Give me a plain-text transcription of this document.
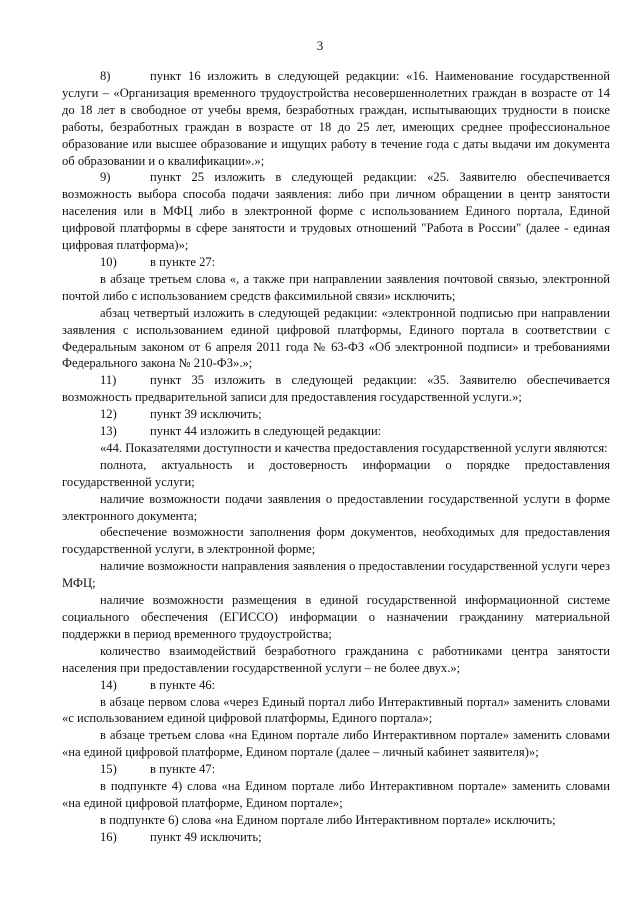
3

8)	пункт 16 изложить в следующей редакции: «16. Наименование государственной услуги – «Организация временного трудоустройства несовершеннолетних граждан в возрасте от 14 до 18 лет в свободное от учебы время, безработных граждан, испытывающих трудности в поиске работы, безработных граждан в возрасте от 18 до 25 лет, имеющих среднее профессиональное образование или высшее образование и ищущих работу в течение года с даты выдачи им документа об образовании и о квалификации».»;

9)	пункт 25 изложить в следующей редакции: «25. Заявителю обеспечивается возможность выбора способа подачи заявления: либо при личном обращении в центр занятости населения или в МФЦ либо в электронной форме с использованием Единого портала, Единой цифровой платформы в сфере занятости и трудовых отношений "Работа в России" (далее - единая цифровая платформа)»;

10)	в пункте 27:

в абзаце третьем слова «, а также при направлении заявления почтовой связью, электронной почтой либо с использованием средств факсимильной связи» исключить;

абзац четвертый изложить в следующей редакции: «электронной подписью при направлении заявления с использованием единой цифровой платформы, Единого портала в соответствии с Федеральным законом от 6 апреля 2011 года № 63-ФЗ «Об электронной подписи» и требованиями Федерального закона № 210-ФЗ».»;

11)	пункт 35 изложить в следующей редакции: «35. Заявителю обеспечивается возможность предварительной записи для предоставления государственной услуги.»;

12)	пункт 39 исключить;

13)	пункт 44 изложить в следующей редакции:

«44. Показателями доступности и качества предоставления государственной услуги являются:

полнота, актуальность и достоверность информации о порядке предоставления государственной услуги;

наличие возможности подачи заявления о предоставлении государственной услуги в форме электронного документа;

обеспечение возможности заполнения форм документов, необходимых для предоставления государственной услуги, в электронной форме;

наличие возможности направления заявления о предоставлении государственной услуги через МФЦ;

наличие возможности размещения в единой государственной информационной системе социального обеспечения (ЕГИССО) информации о назначении гражданину материальной поддержки в период временного трудоустройства;

количество взаимодействий безработного гражданина с работниками центра занятости населения при предоставлении государственной услуги – не более двух.»;

14)	в пункте 46:

в абзаце первом слова «через Единый портал либо Интерактивный портал» заменить словами «с использованием единой цифровой платформы, Единого портала»;

в абзаце третьем слова «на Едином портале либо Интерактивном портале» заменить словами «на единой цифровой платформе, Едином портале (далее – личный кабинет заявителя)»;

15)	в пункте 47:

в подпункте 4) слова «на Едином портале либо Интерактивном портале» заменить словами «на единой цифровой платформе, Едином портале»;

в подпункте 6) слова «на Едином портале либо Интерактивном портале» исключить;

16)	пункт 49 исключить;
